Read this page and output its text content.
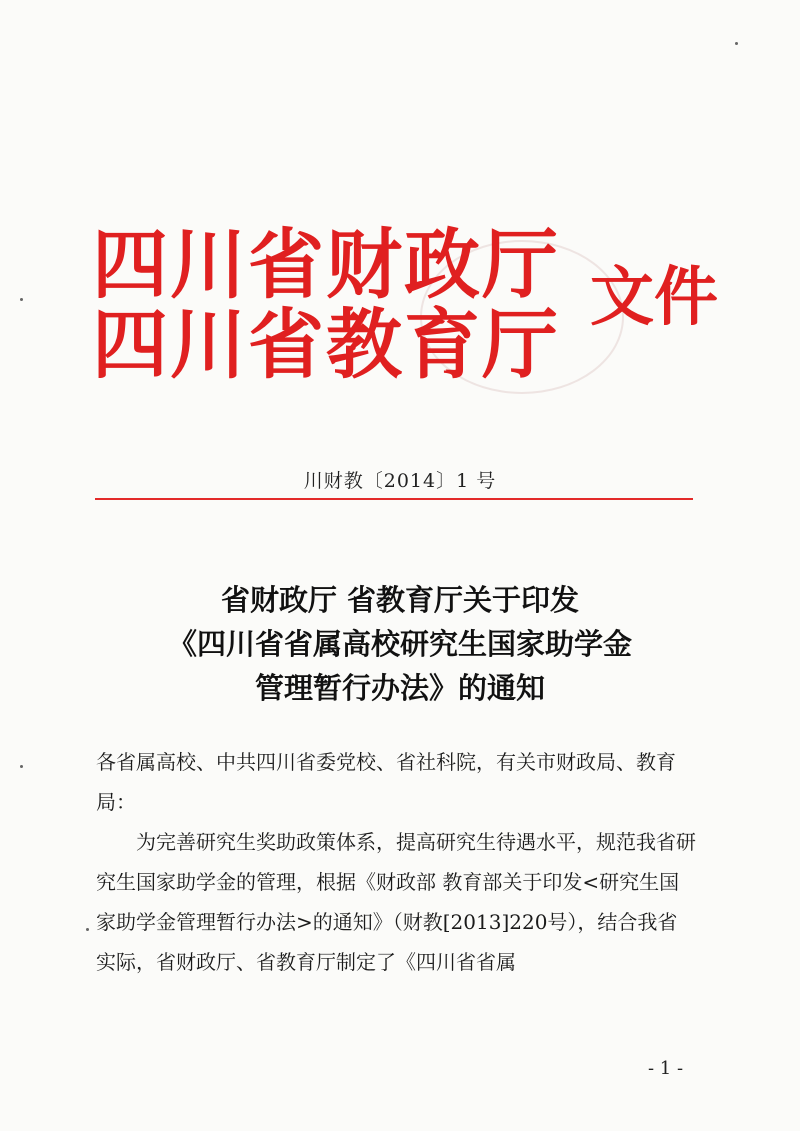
四川省财政厅
四川省教育厅
文件
川财教〔2014〕1 号
省财政厅 省教育厅关于印发
《四川省省属高校研究生国家助学金
管理暂行办法》的通知

各省属高校、中共四川省委党校、省社科院，有关市财政局、教育局：

为完善研究生奖助政策体系，提高研究生待遇水平，规范我省研究生国家助学金的管理，根据《财政部 教育部关于印发<研究生国家助学金管理暂行办法>的通知》（财教[2013]220号），结合我省实际，省财政厅、省教育厅制定了《四川省省属

- 1 -
